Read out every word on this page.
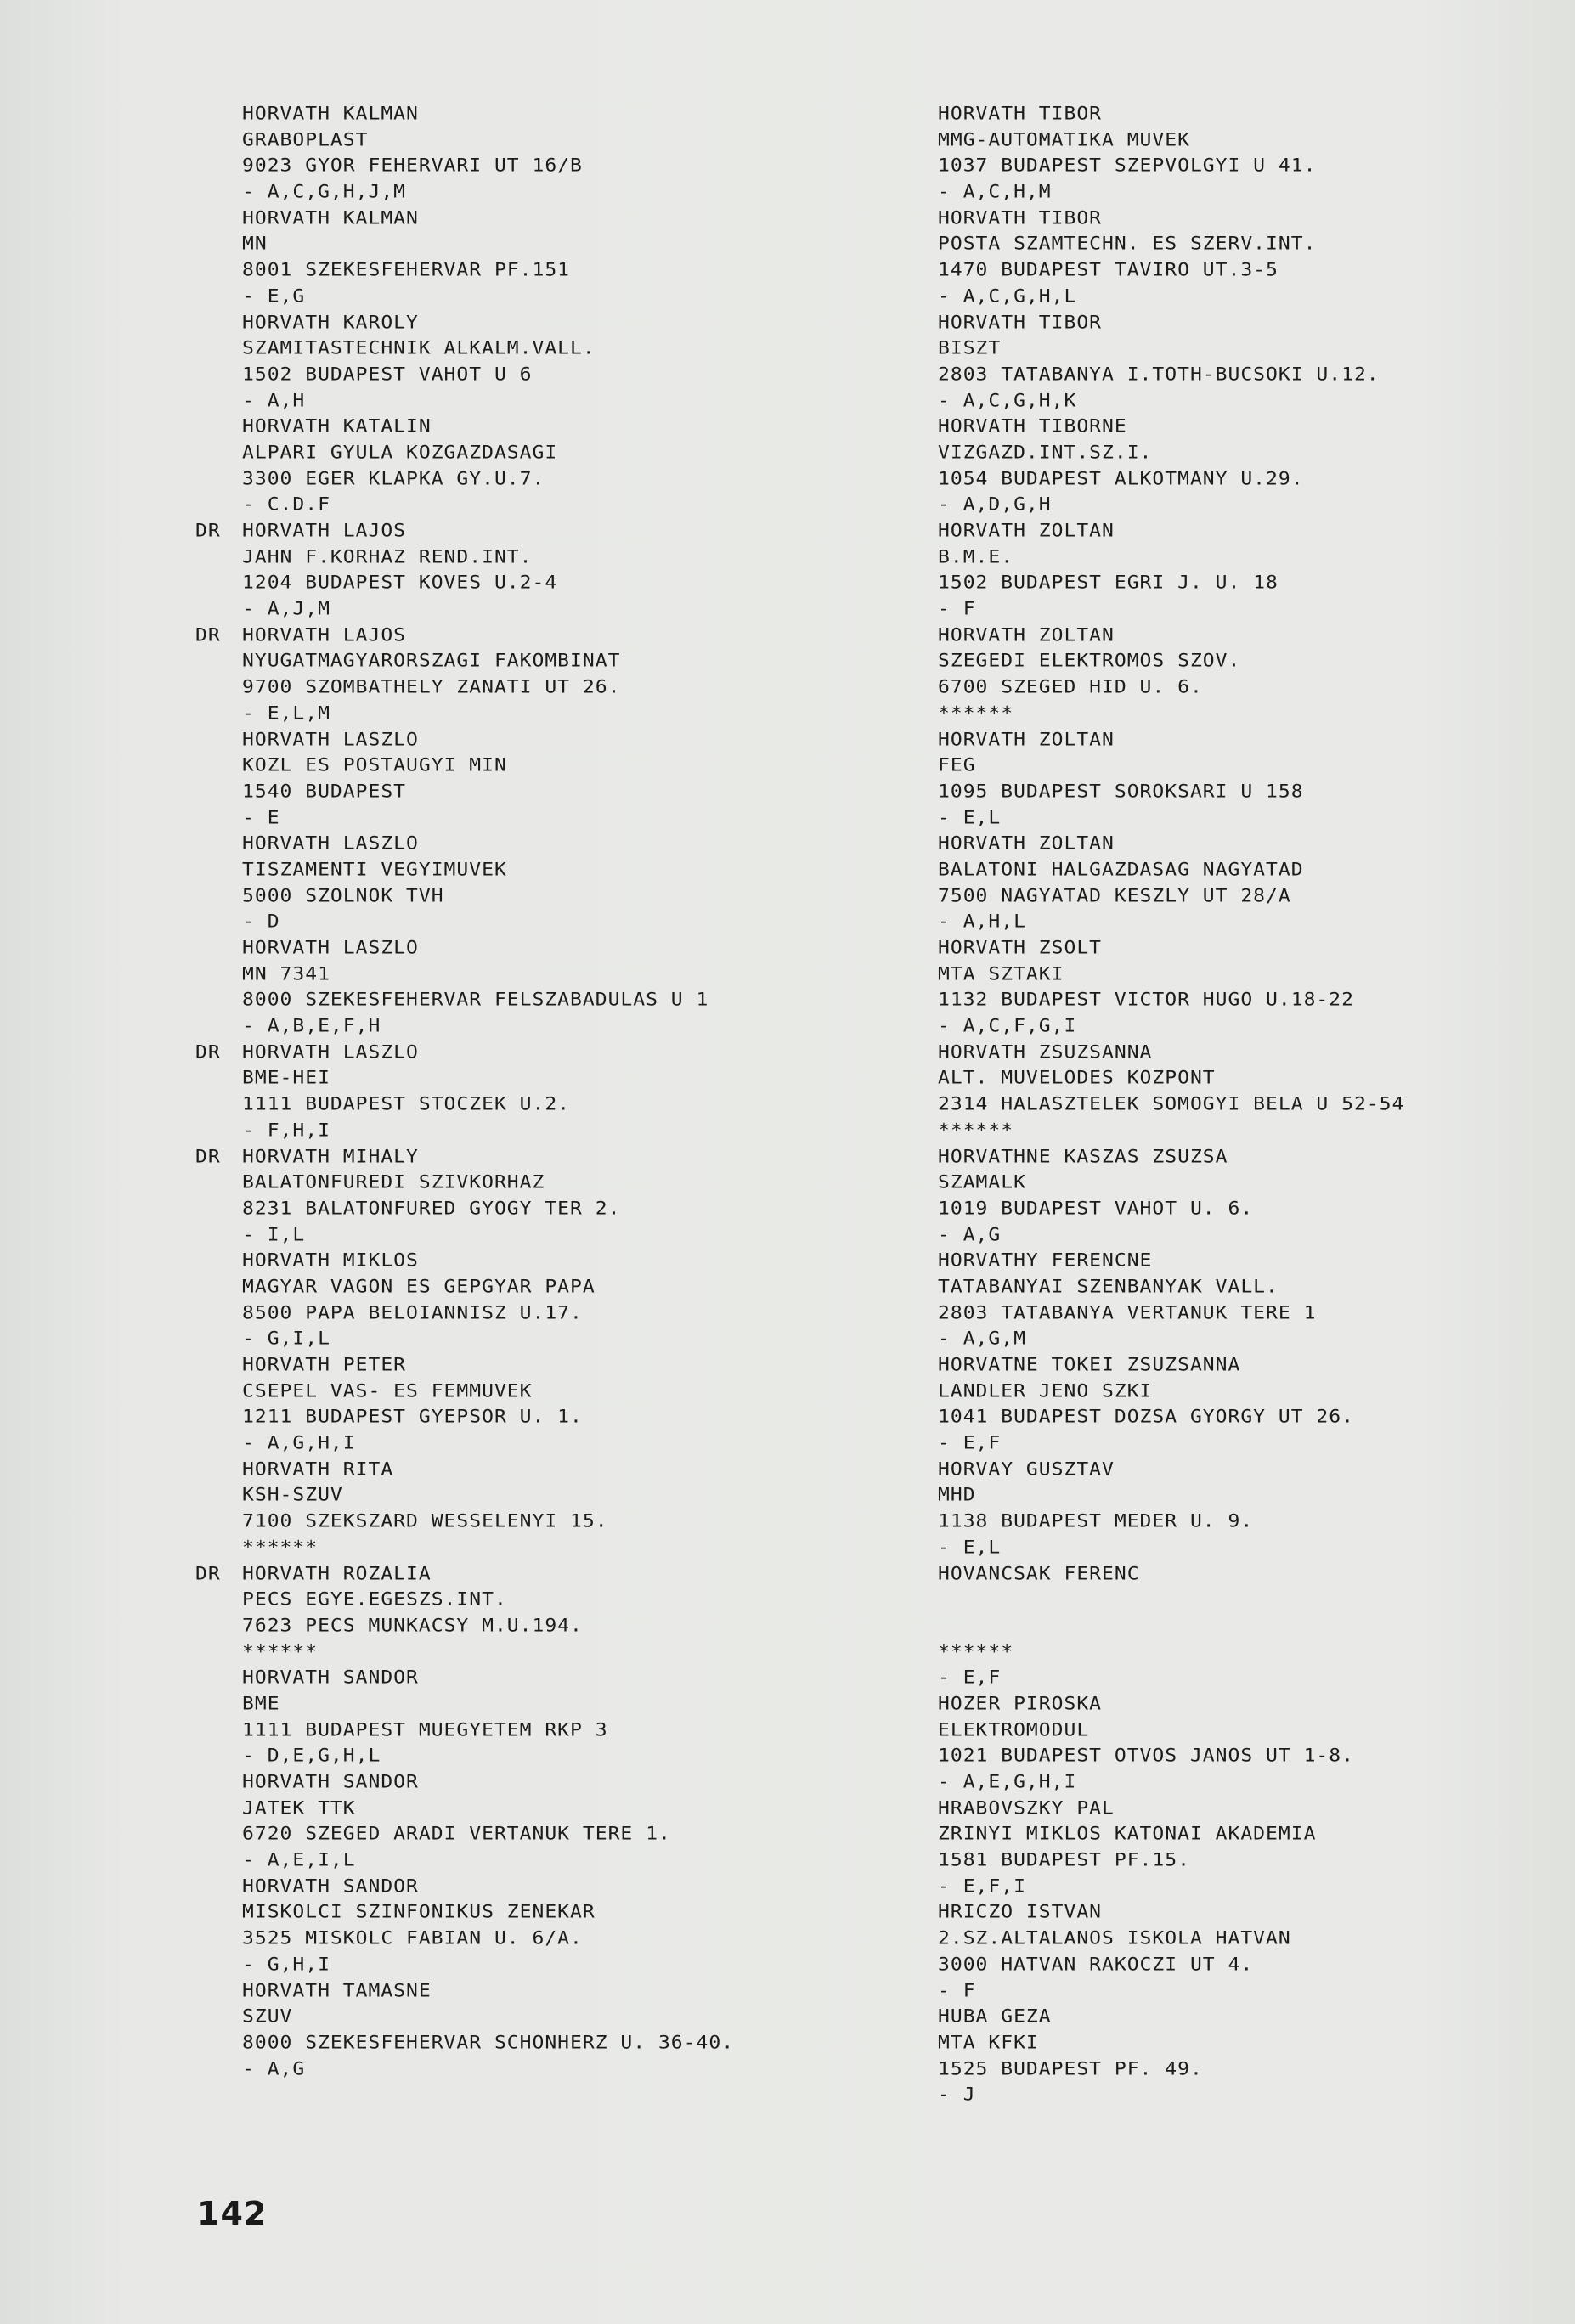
HORVATH KALMAN
GRABOPLAST
9023 GYOR FEHERVARI UT 16/B
- A,C,G,H,J,M
HORVATH KALMAN
MN
8001 SZEKESFEHERVAR PF.151
- E,G
HORVATH KAROLY
SZAMITASTECHNIK ALKALM.VALL.
1502 BUDAPEST VAHOT U 6
- A,H
HORVATH KATALIN
ALPARI GYULA KOZGAZDASAGI
3300 EGER KLAPKA GY.U.7.
- C.D.F
DR HORVATH LAJOS
JAHN F.KORHAZ REND.INT.
1204 BUDAPEST KOVES U.2-4
- A,J,M
DR HORVATH LAJOS
NYUGATMAGYARORSZAGI FAKOMBINAT
9700 SZOMBATHELY ZANATI UT 26.
- E,L,M
HORVATH LASZLO
KOZL ES POSTAUGYI MIN
1540 BUDAPEST
- E
HORVATH LASZLO
TISZAMENTI VEGYIMUVEK
5000 SZOLNOK TVH
- D
HORVATH LASZLO
MN 7341
8000 SZEKESFEHERVAR FELSZABADULAS U 1
- A,B,E,F,H
DR HORVATH LASZLO
BME-HEI
1111 BUDAPEST STOCZEK U.2.
- F,H,I
DR HORVATH MIHALY
BALATONFUREDI SZIVKORHAZ
8231 BALATONFURED GYOGY TER 2.
- I,L
HORVATH MIKLOS
MAGYAR VAGON ES GEPGYAR PAPA
8500 PAPA BELOIANNISZ U.17.
- G,I,L
HORVATH PETER
CSEPEL VAS- ES FEMMUVEK
1211 BUDAPEST GYEPSOR U. 1.
- A,G,H,I
HORVATH RITA
KSH-SZUV
7100 SZEKSZARD WESSELENYI 15.
******
DR HORVATH ROZALIA
PECS EGYE.EGESZS.INT.
7623 PECS MUNKACSY M.U.194.
******
HORVATH SANDOR
BME
1111 BUDAPEST MUEGYETEM RKP 3
- D,E,G,H,L
HORVATH SANDOR
JATEK TTK
6720 SZEGED ARADI VERTANUK TERE 1.
- A,E,I,L
HORVATH SANDOR
MISKOLCI SZINFONIKUS ZENEKAR
3525 MISKOLC FABIAN U. 6/A.
- G,H,I
HORVATH TAMASNE
SZUV
8000 SZEKESFEHERVAR SCHONHERZ U. 36-40.
- A,G
HORVATH TIBOR
MMG-AUTOMATIKA MUVEK
1037 BUDAPEST SZEPVOLGYI U 41.
- A,C,H,M
HORVATH TIBOR
POSTA SZAMTECHN. ES SZERV.INT.
1470 BUDAPEST TAVIRO UT.3-5
- A,C,G,H,L
HORVATH TIBOR
BISZT
2803 TATABANYA I.TOTH-BUCSOKI U.12.
- A,C,G,H,K
HORVATH TIBORNE
VIZGAZD.INT.SZ.I.
1054 BUDAPEST ALKOTMANY U.29.
- A,D,G,H
HORVATH ZOLTAN
B.M.E.
1502 BUDAPEST EGRI J. U. 18
- F
HORVATH ZOLTAN
SZEGEDI ELEKTROMOS SZOV.
6700 SZEGED HID U. 6.
******
HORVATH ZOLTAN
FEG
1095 BUDAPEST SOROKSARI U 158
- E,L
HORVATH ZOLTAN
BALATONI HALGAZDASAG NAGYATAD
7500 NAGYATAD KESZLY UT 28/A
- A,H,L
HORVATH ZSOLT
MTA SZTAKI
1132 BUDAPEST VICTOR HUGO U.18-22
- A,C,F,G,I
HORVATH ZSUZSANNA
ALT. MUVELODES KOZPONT
2314 HALASZTELEK SOMOGYI BELA U 52-54
******
HORVATHNE KASZAS ZSUZSA
SZAMALK
1019 BUDAPEST VAHOT U. 6.
- A,G
HORVATHY FERENCNE
TATABANYAI SZENBANYAK VALL.
2803 TATABANYA VERTANUK TERE 1
- A,G,M
HORVATNE TOKEI ZSUZSANNA
LANDLER JENO SZKI
1041 BUDAPEST DOZSA GYORGY UT 26.
- E,F
HORVAY GUSZTAV
MHD
1138 BUDAPEST MEDER U. 9.
- E,L
HOVANCSAK FERENC
******
- E,F
HOZER PIROSKA
ELEKTROMODUL
1021 BUDAPEST OTVOS JANOS UT 1-8.
- A,E,G,H,I
HRABOVSZKY PAL
ZRINYI MIKLOS KATONAI AKADEMIA
1581 BUDAPEST PF.15.
- E,F,I
HRICZO ISTVAN
2.SZ.ALTALANOS ISKOLA HATVAN
3000 HATVAN RAKOCZI UT 4.
- F
HUBA GEZA
MTA KFKI
1525 BUDAPEST PF. 49.
- J
142
